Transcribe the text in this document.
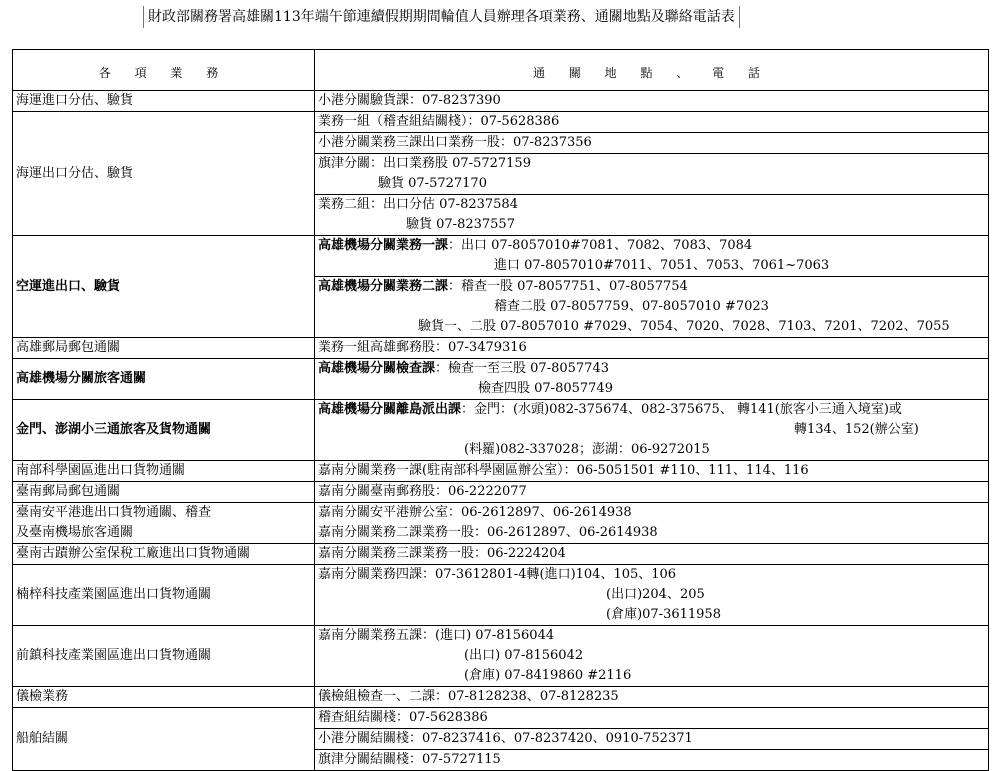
財政部關務署高雄關113年端午節連續假期期間輪值人員辦理各項業務、通關地點及聯絡電話表
各 項 業 務	通 關 地 點 、 電 話
海運進口分估、驗貨	小港分關驗貨課：07-8237390
海運出口分估、驗貨	業務一組（稽查組結關棧）：07-5628386
	小港分關業務三課出口業務一股：07-8237356

	旗津分關：出口業務股 07-5727159
驗貨 07-5727170

	業務二組：出口分估 07-8237584
驗貨 07-8237557

空運進出口、驗貨	高雄機場分關業務一課：出口 07-8057010#7081、7082、7083、7084
進口 07-8057010#7011、7051、7053、7061~7063

	高雄機場分關業務二課：稽查一股 07-8057751、07-8057754
稽查二股 07-8057759、07-8057010 #7023
驗貨一、二股 07-8057010 #7029、7054、7020、7028、7103、7201、7202、7055

高雄郵局郵包通關	業務一組高雄郵務股：07-3479316
高雄機場分關旅客通關	高雄機場分關檢查課：檢查一至三股 07-8057743
檢查四股 07-8057749

金門、澎湖小三通旅客及貨物通關	高雄機場分關離島派出課：金門：(水頭)082-375674、082-375675、 轉141(旅客小三通入境室)或
轉134、152(辦公室)
(料羅)082-337028；澎湖：06-9272015

南部科學園區進出口貨物通關	嘉南分關業務一課(駐南部科學園區辦公室）：06-5051501 #110、111、114、116
臺南郵局郵包通關	嘉南分關臺南郵務股：06-2222077

臺南安平港進出口貨物通關、稽查
及臺南機場旅客通關	嘉南分關安平港辦公室：06-2612897、06-2614938
嘉南分關業務二課業務一股：06-2612897、06-2614938

臺南古蹟辦公室保稅工廠進出口貨物通關	嘉南分關業務三課業務一股：06-2224204
楠梓科技產業園區進出口貨物通關	嘉南分關業務四課：07-3612801-4轉(進口)104、105、106
(出口)204、205
(倉庫)07-3611958

前鎮科技產業園區進出口貨物通關	嘉南分關業務五課：(進口) 07-8156044
(出口) 07-8156042
(倉庫) 07-8419860 #2116

儀檢業務	儀檢組檢查一、二課：07-8128238、07-8128235
船舶結關	稽查組結關棧：07-5628386
	小港分關結關棧：07-8237416、07-8237420、0910-752371
	旗津分關結關棧：07-5727115
